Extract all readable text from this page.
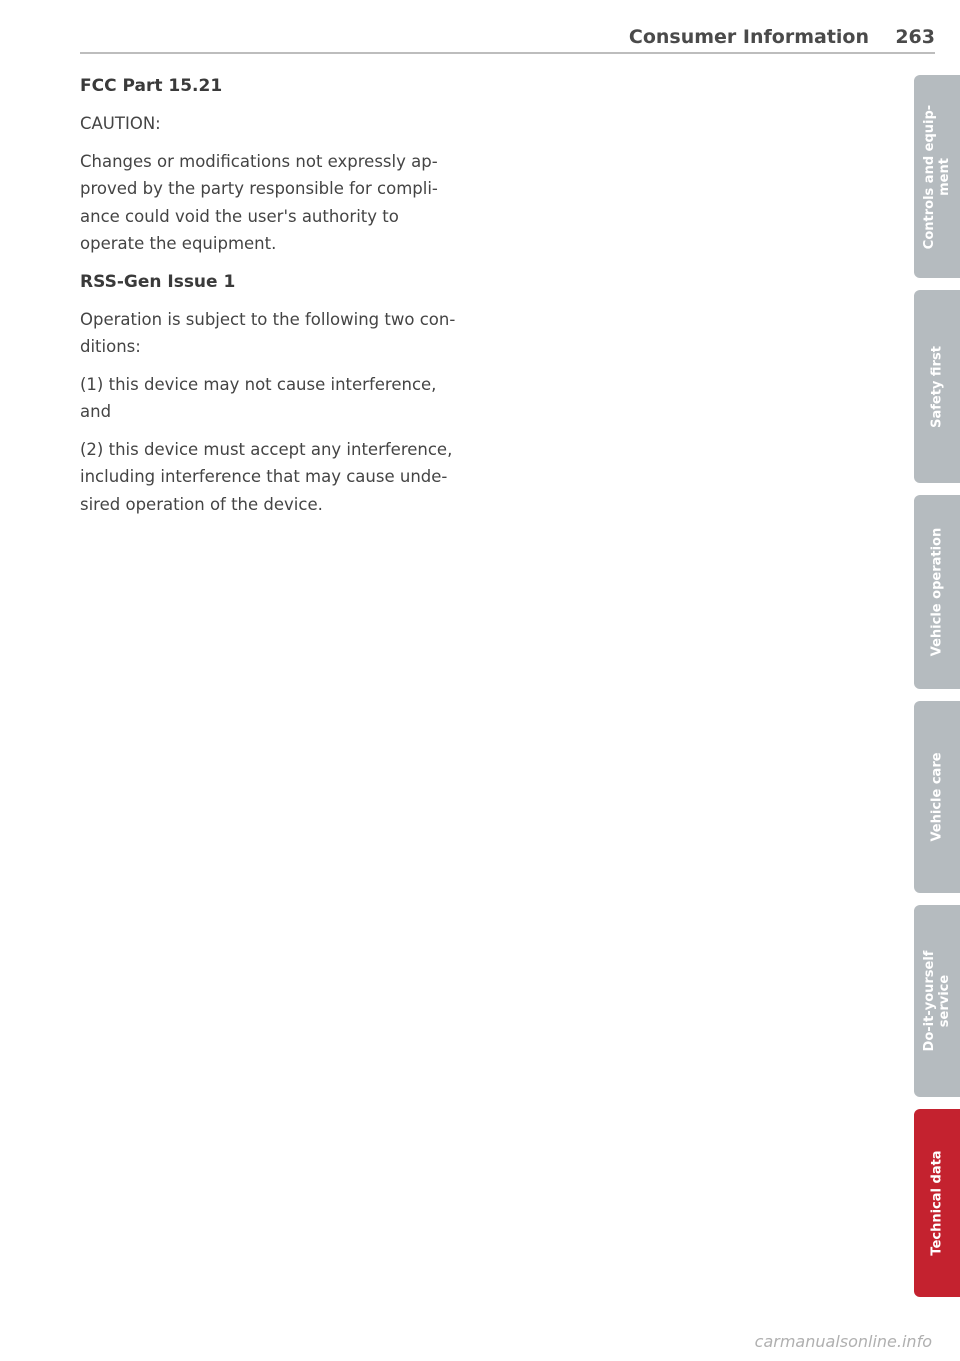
Consumer Information 263
FCC Part 15.21

CAUTION:

Changes or modifications not expressly ap-proved by the party responsible for compli-ance could void the user's authority to operate the equipment.

RSS-Gen Issue 1

Operation is subject to the following two con-ditions:

(1) this device may not cause interference, and

(2) this device must accept any interference, including interference that may cause unde-sired operation of the device.

Controls and equip- ment
Safety first
Vehicle operation
Vehicle care
Do-it-yourself service
Technical data
carmanualsonline.info
